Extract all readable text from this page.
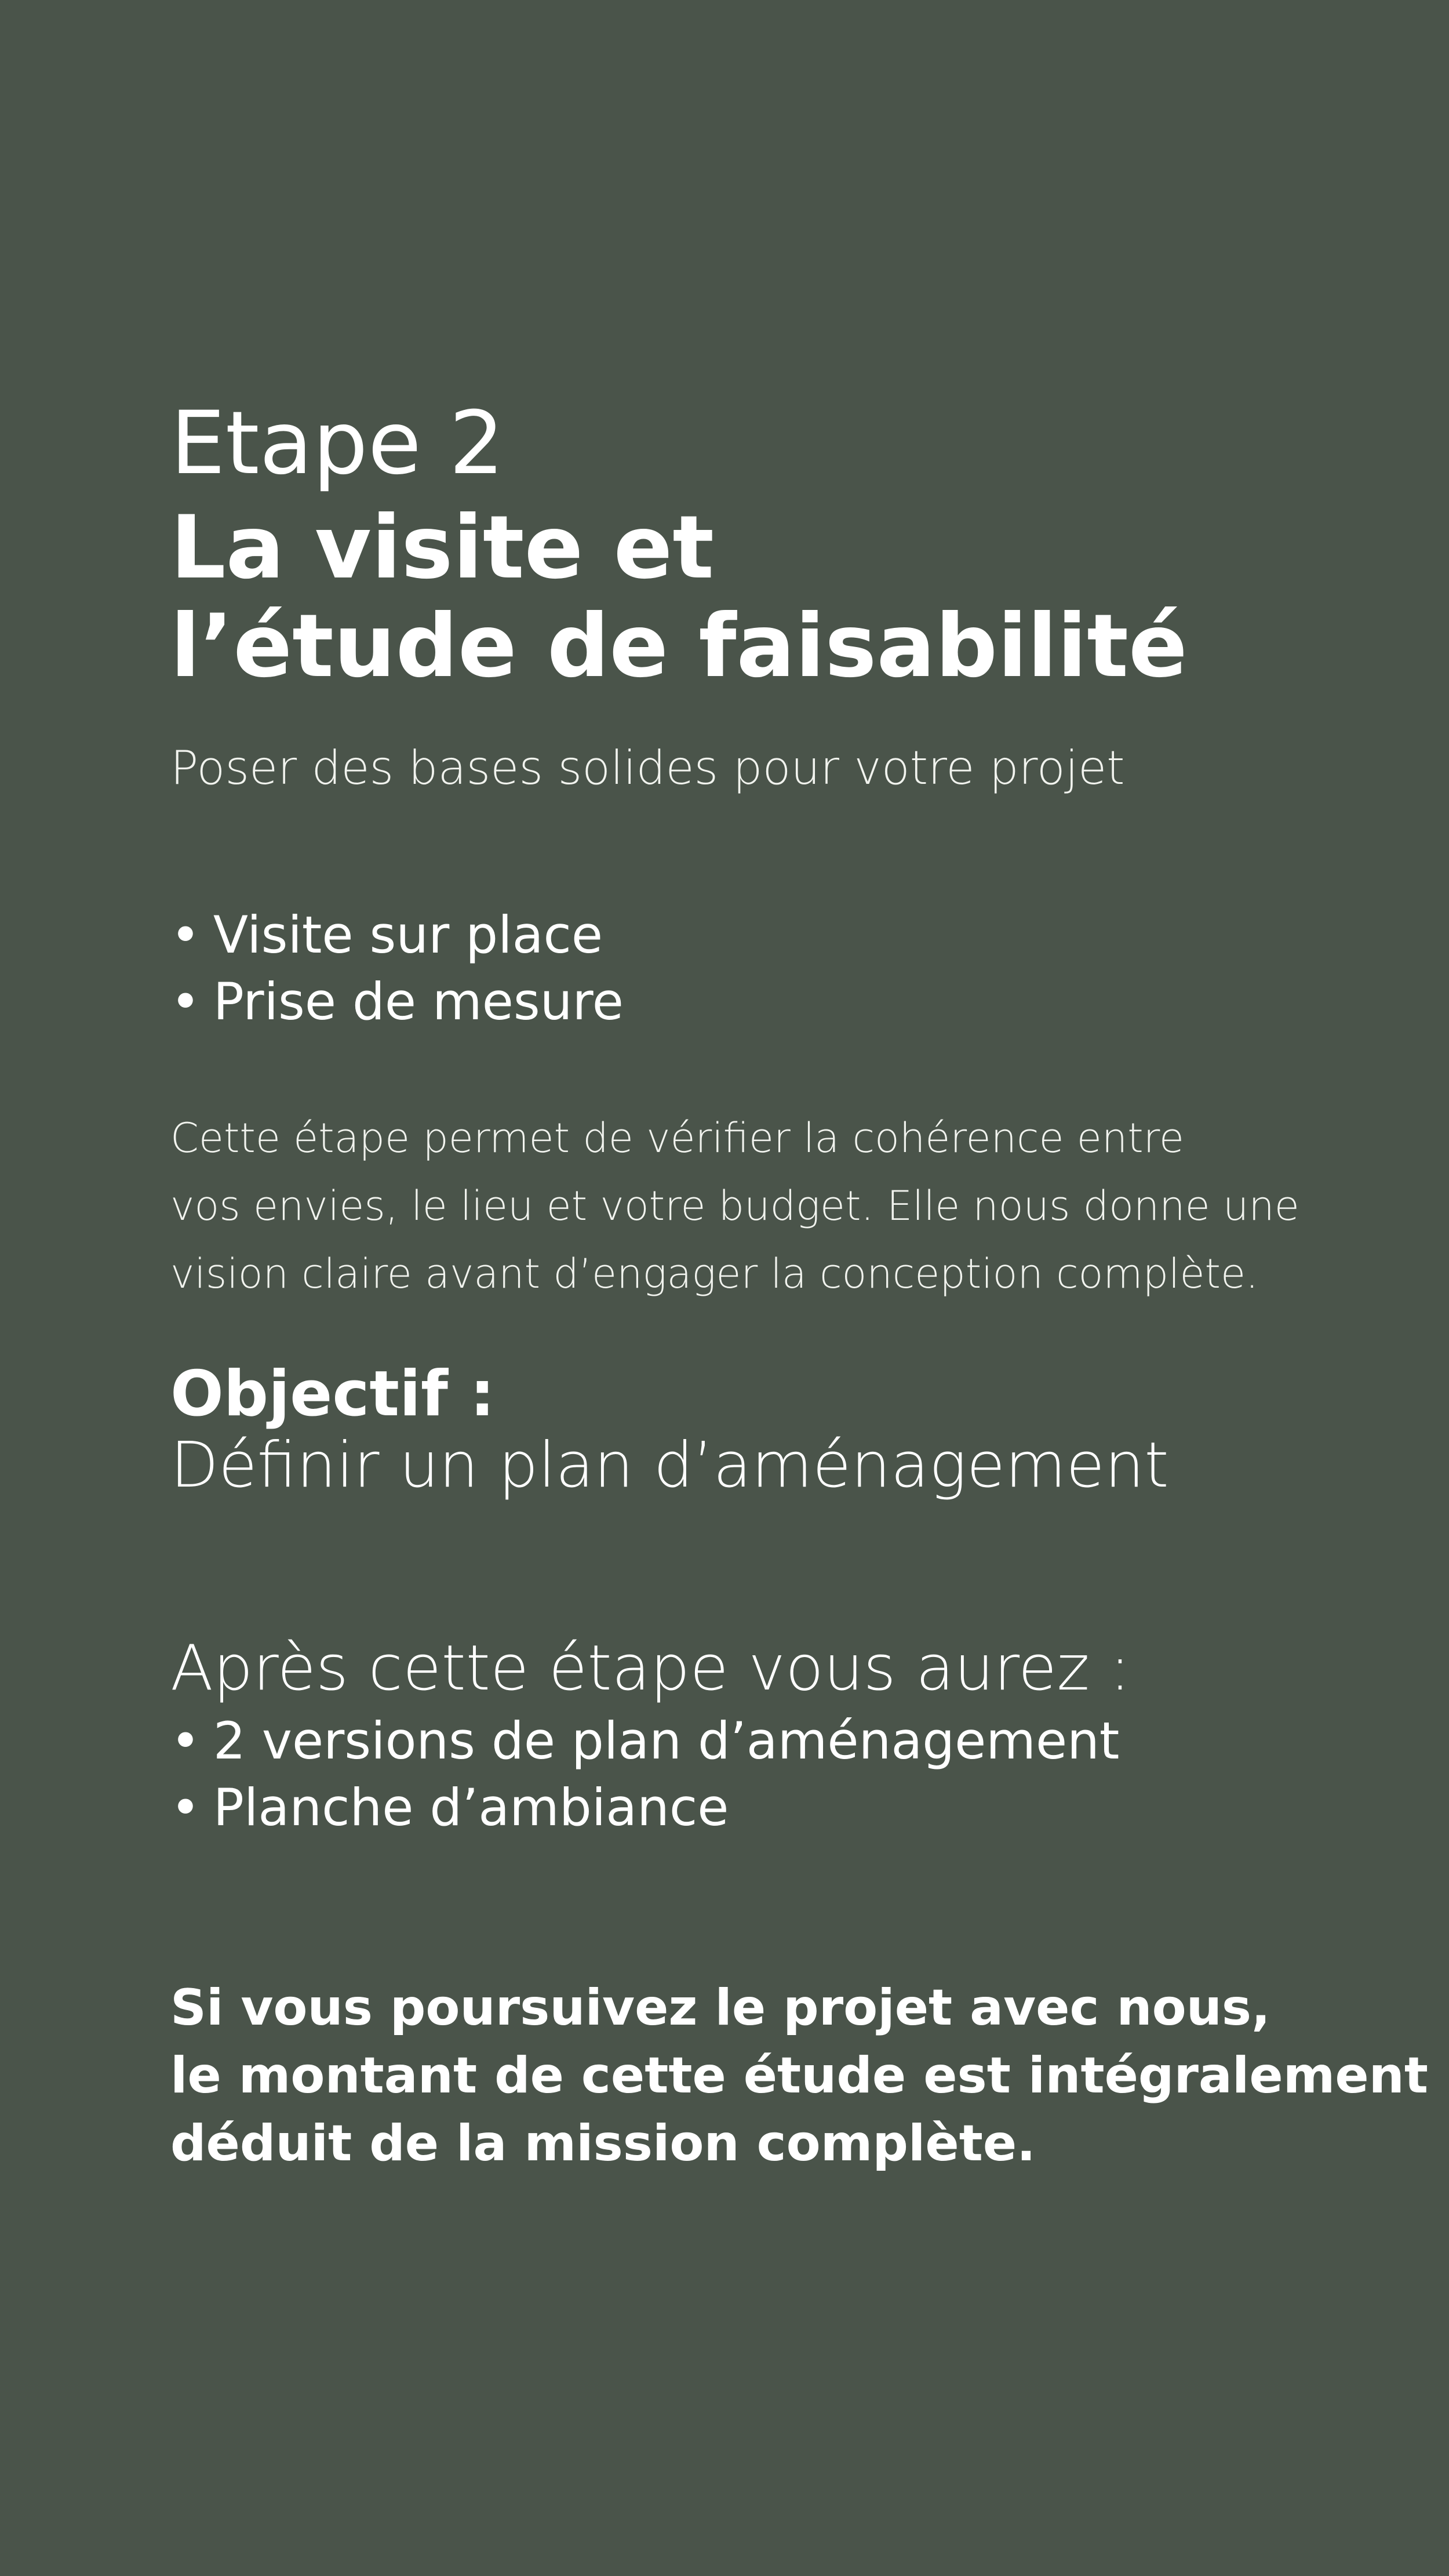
Etape 2
La visite et
l’étude de faisabilité

Poser des bases solides pour votre projet

• Visite sur place
• Prise de mesure
Cette étape permet de vérifier la cohérence entre
vos envies, le lieu et votre budget. Elle nous donne une
vision claire avant d’engager la conception complète.
Objectif :
Définir un plan d’aménagement
Après cette étape vous aurez :
• 2 versions de plan d’aménagement
• Planche d’ambiance
Si vous poursuivez le projet avec nous,
le montant de cette étude est intégralement
déduit de la mission complète.
